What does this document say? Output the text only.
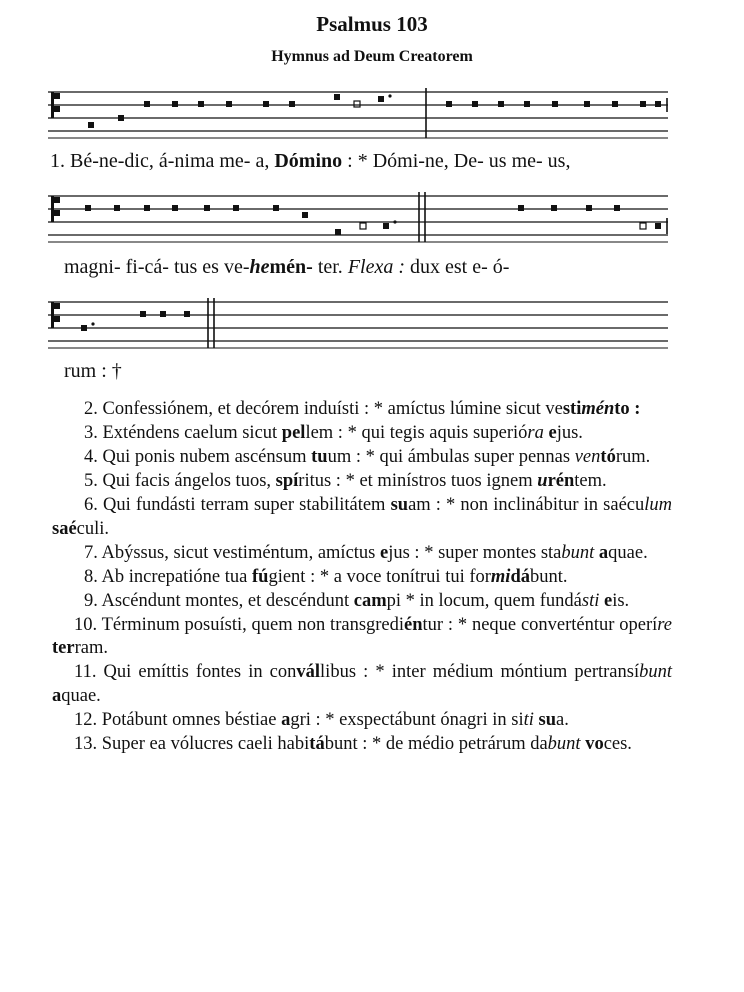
Psalmus 103
Hymnus ad Deum Creatorem
1. Bé-ne-dic, á-nima me- a, Dómino : * Dómi-ne, De- us me- us,
magni- fi-cá- tus es ve-hemén- ter. Flexa : dux est e- ó-
rum : †

2. Confessiónem, et decórem induísti : * amíctus lúmine sicut vestiménto :

3. Exténdens caelum sicut pellem : * qui tegis aquis superióra ejus.

4. Qui ponis nubem ascénsum tuum : * qui ámbulas super pennas ventórum.

5. Qui facis ángelos tuos, spíritus : * et minístros tuos ignem uréntem.

6. Qui fundásti terram super stabilitátem suam : * non inclinábitur in saéculum saéculi.

7. Abýssus, sicut vestiméntum, amíctus ejus : * super montes stabunt aquae.

8. Ab increpatióne tua fúgient : * a voce tonítrui tui formidábunt.

9. Ascéndunt montes, et descéndunt campi * in locum, quem fundásti eis.

10. Términum posuísti, quem non transgrediéntur : * neque converténtur operíre terram.

11. Qui emíttis fontes in convállibus : * inter médium móntium pertransíbunt aquae.

12. Potábunt omnes béstiae agri : * exspectábunt ónagri in siti sua.

13. Super ea vólucres caeli habitábunt : * de médio petrárum dabunt voces.
